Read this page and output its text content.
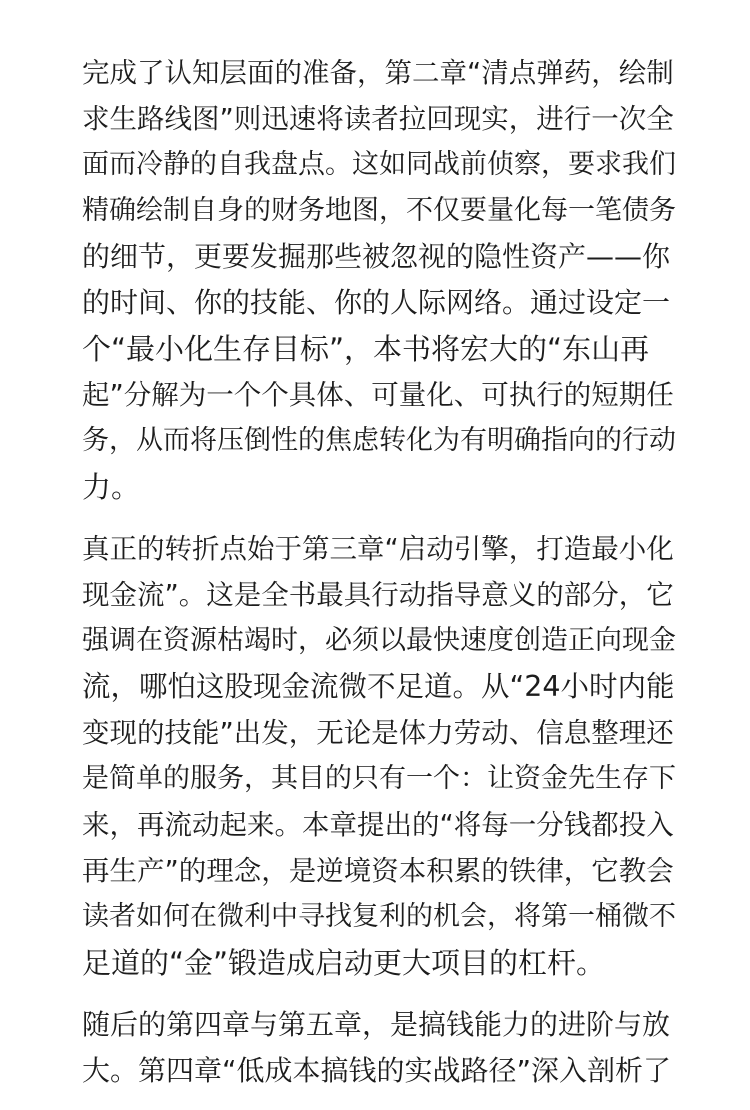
完成了认知层面的准备，第二章“清点弹药，绘制
求生路线图”则迅速将读者拉回现实，进行一次全
面而冷静的自我盘点。这如同战前侦察，要求我们
精确绘制自身的财务地图，不仅要量化每一笔债务
的细节，更要发掘那些被忽视的隐性资产——你
的时间、你的技能、你的人际网络。通过设定一
个“最小化生存目标”，本书将宏大的“东山再
起”分解为一个个具体、可量化、可执行的短期任
务，从而将压倒性的焦虑转化为有明确指向的行动
力。
真正的转折点始于第三章“启动引擎，打造最小化
现金流”。这是全书最具行动指导意义的部分，它
强调在资源枯竭时，必须以最快速度创造正向现金
流，哪怕这股现金流微不足道。从“24小时内能
变现的技能”出发，无论是体力劳动、信息整理还
是简单的服务，其目的只有一个：让资金先生存下
来，再流动起来。本章提出的“将每一分钱都投入
再生产”的理念，是逆境资本积累的铁律，它教会
读者如何在微利中寻找复利的机会，将第一桶微不
足道的“金”锻造成启动更大项目的杠杆。
随后的第四章与第五章，是搞钱能力的进阶与放
大。第四章“低成本搞钱的实战路径”深入剖析了
